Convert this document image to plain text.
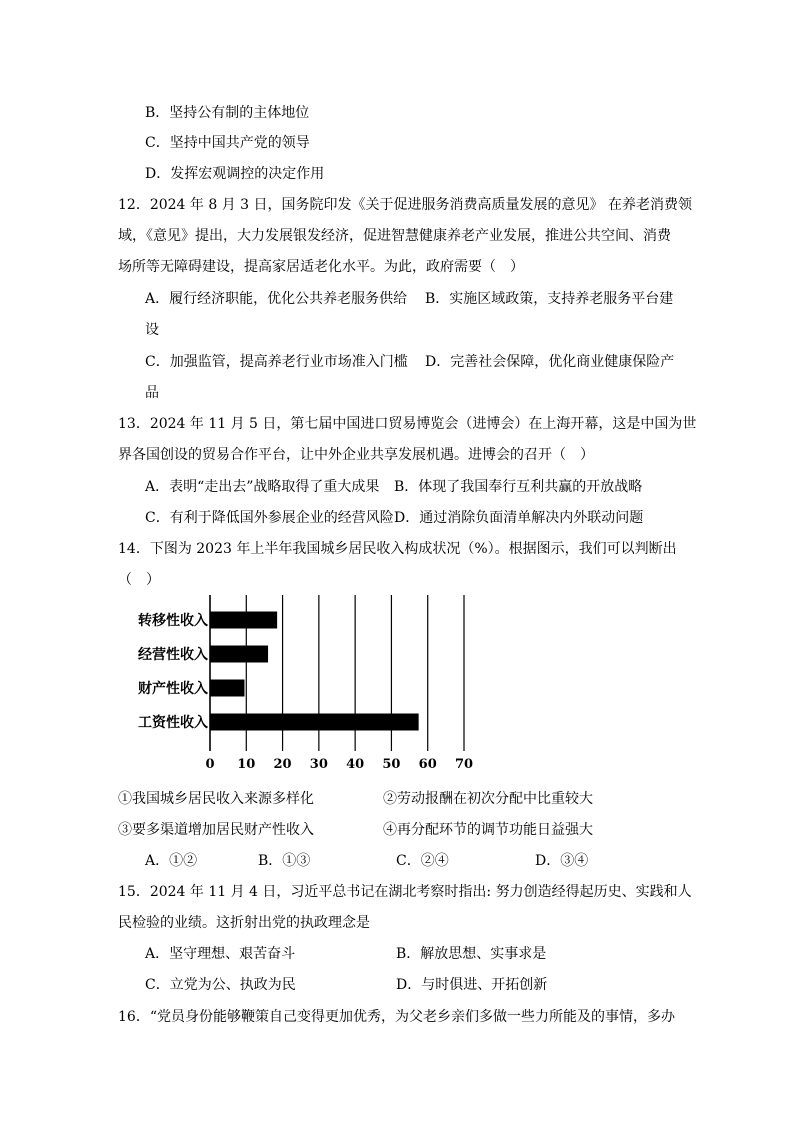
B．坚持公有制的主体地位
C．坚持中国共产党的领导
D．发挥宏观调控的决定作用
12．2024 年 8 月 3 日，国务院印发《关于促进服务消费高质量发展的意见》 在养老消费领
域，《意见》提出，大力发展银发经济，促进智慧健康养老产业发展，推进公共空间、消费
场所等无障碍建设，提高家居适老化水平。为此，政府需要（　）
A．履行经济职能，优化公共养老服务供给 B．实施区域政策，支持养老服务平台建
设
C．加强监管，提高养老行业市场准入门槛 D．完善社会保障，优化商业健康保险产
品
13．2024 年 11 月 5 日，第七届中国进口贸易博览会（进博会）在上海开幕，这是中国为世
界各国创设的贸易合作平台，让中外企业共享发展机遇。进博会的召开（　）
A．表明“走出去”战略取得了重大成果 B．体现了我国奉行互利共赢的开放战略
C．有利于降低国外参展企业的经营风险 D．通过消除负面清单解决内外联动问题
14．下图为 2023 年上半年我国城乡居民收入构成状况（%）。根据图示，我们可以判断出
（　）
转移性收入
经营性收入
财产性收入
工资性收入
0 10 20 30 40 50 60 70
①我国城乡居民收入来源多样化	②劳动报酬在初次分配中比重较大
③要多渠道增加居民财产性收入	④再分配环节的调节功能日益强大
A．①②	B．①③	C．②④	D．③④
15．2024 年 11 月 4 日，习近平总书记在湖北考察时指出: 努力创造经得起历史、实践和人
民检验的业绩。这折射出党的执政理念是
A．坚守理想、艰苦奋斗	B．解放思想、实事求是
C．立党为公、执政为民	D．与时俱进、开拓创新
16．“党员身份能够鞭策自己变得更加优秀，为父老乡亲们多做一些力所能及的事情，多办
